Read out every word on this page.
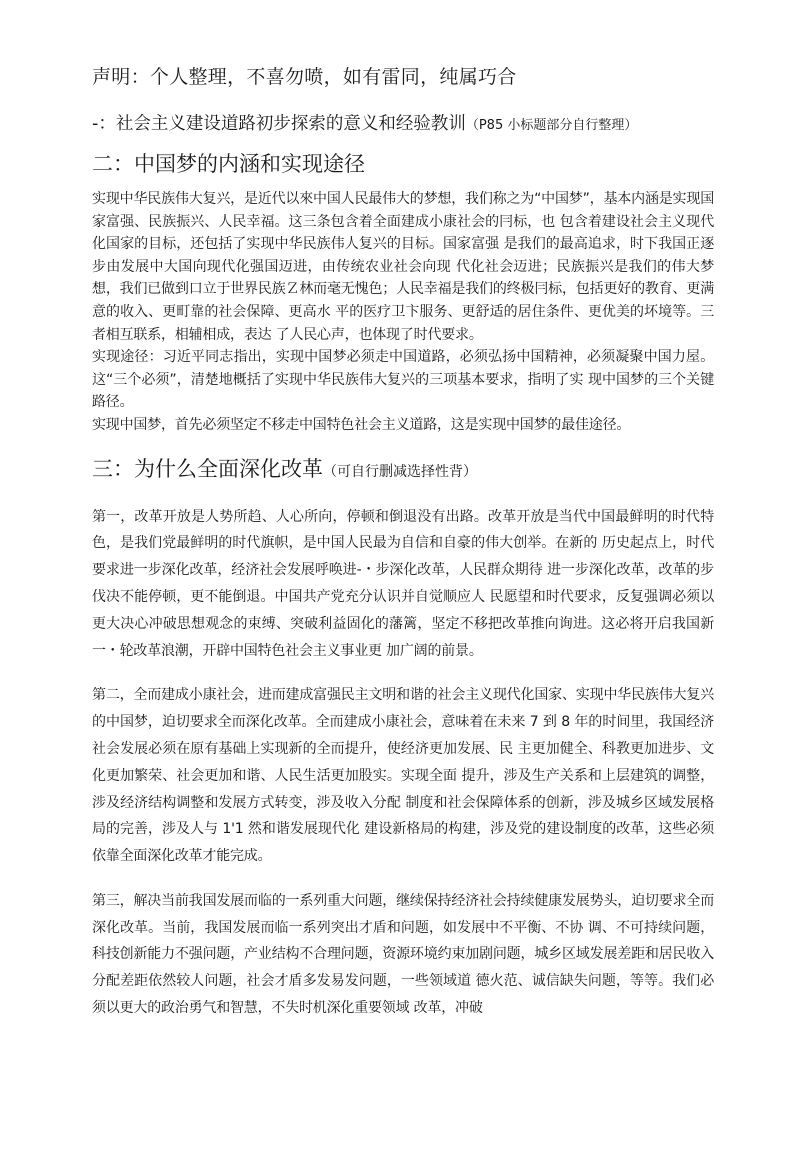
声明：个人整理，不喜勿喷，如有雷同，纯属巧合
-：社会主义建设道路初步探索的意义和经验教训（P85 小标题部分自行整理）
二：中国梦的内涵和实现途径

实现中华民族伟大复兴，是近代以來中国人民最伟大的梦想，我们称之为“中国梦”，基本内涵是实现国家富强、民族振兴、人民幸福。这三条包含着全面建成小康社会的冃标，也 包含着建设社会主义现代化国家的目标，还包括了实现中华民族伟人复兴的目标。国家富强 是我们的最高追求，时下我国正逐步由发展中大国向现代化强国迈进，由传统农业社会向现 代化社会迈进；民族振兴是我们的伟大梦想，我们已做到口立于世界民族Ｚ林而毫无愧色；人民幸福是我们的终极冃标，包括更好的教育、更满意的收入、更町靠的社会保障、更高水 平的医疗卫卞服务、更舒适的居住条件、更优美的坏境等。三者相互联系，相辅相成，表达 了人民心声，也体现了时代要求。

实现途径：习近平同志指出，实现中国梦必须走中国道路，必须弘扬中国精神，必须凝聚中国力屋。这“三个必须”，清楚地概括了实现中华民族伟大复兴的三项基本要求，指明了实 现中国梦的三个关键路径。

实现中国梦，首先必须坚定不移走中国特色社会主义道路，这是实现中国梦的最佳途径。

三：为什么全面深化改革（可自行删减选择性背）

第一，改革开放是人势所趋、人心所向，停顿和倒退没有出路。改革开放是当代中国最鲜明的时代特色，是我们党最鲜明的时代旗帜，是中国人民最为自信和自豪的伟大创举。在新的 历史起点上，时代要求进一步深化改革，经济社会发展呼唤进-・步深化改革，人民群众期待 进一步深化改革，改革的步伐决不能停顿，更不能倒退。中国共产党充分认识并自觉顺应人 民愿望和时代要求，反复强调必须以更大决心冲破思想观念的束缚、突破利益固化的藩篱，坚定不移把改革推向询进。这必将开启我国新一・轮改革浪潮，开辟中国特色社会主义事业更 加广阔的前景。

第二，全而建成小康社会，进而建成富强民主文明和谐的社会主义现代化国家、实现中华民族伟大复兴的中国梦，迫切要求全而深化改革。全而建成小康社会，意味着在未来 7 到 8 年的时间里，我国经济社会发展必须在原有基础上实现新的全而提升，使经济更加发展、民 主更加健全、科教更加进步、文化更加繁荣、社会更加和谐、人民生活更加股实。实现全面 提升，涉及生产关系和上层建筑的调整，涉及经济结构调整和发展方式转变，涉及收入分配 制度和社会保障体系的创新，涉及城乡区域发展格局的完善，涉及人与 1'1 然和谐发展现代化 建设新格局的构建，涉及党的建设制度的改革，这些必须依靠全面深化改革才能完成。

第三，解决当前我国发展而临的一系列重大问题，继续保持经济社会持续健康发展势头，迫切要求全而深化改革。当前，我国发展而临一系列突出才盾和问题，如发展中不平衡、不协 调、不可持续问题，科技创新能力不强问题，产业结构不合理问题，资源环境约束加剧问题，城乡区域发展差距和居民收入分配差距依然较人问题，社会才盾多发易发问题，一些领域道 德火范、诚信缺失问题，等等。我们必须以更大的政治勇气和智慧，不失时机深化重要领域 改革，冲破
